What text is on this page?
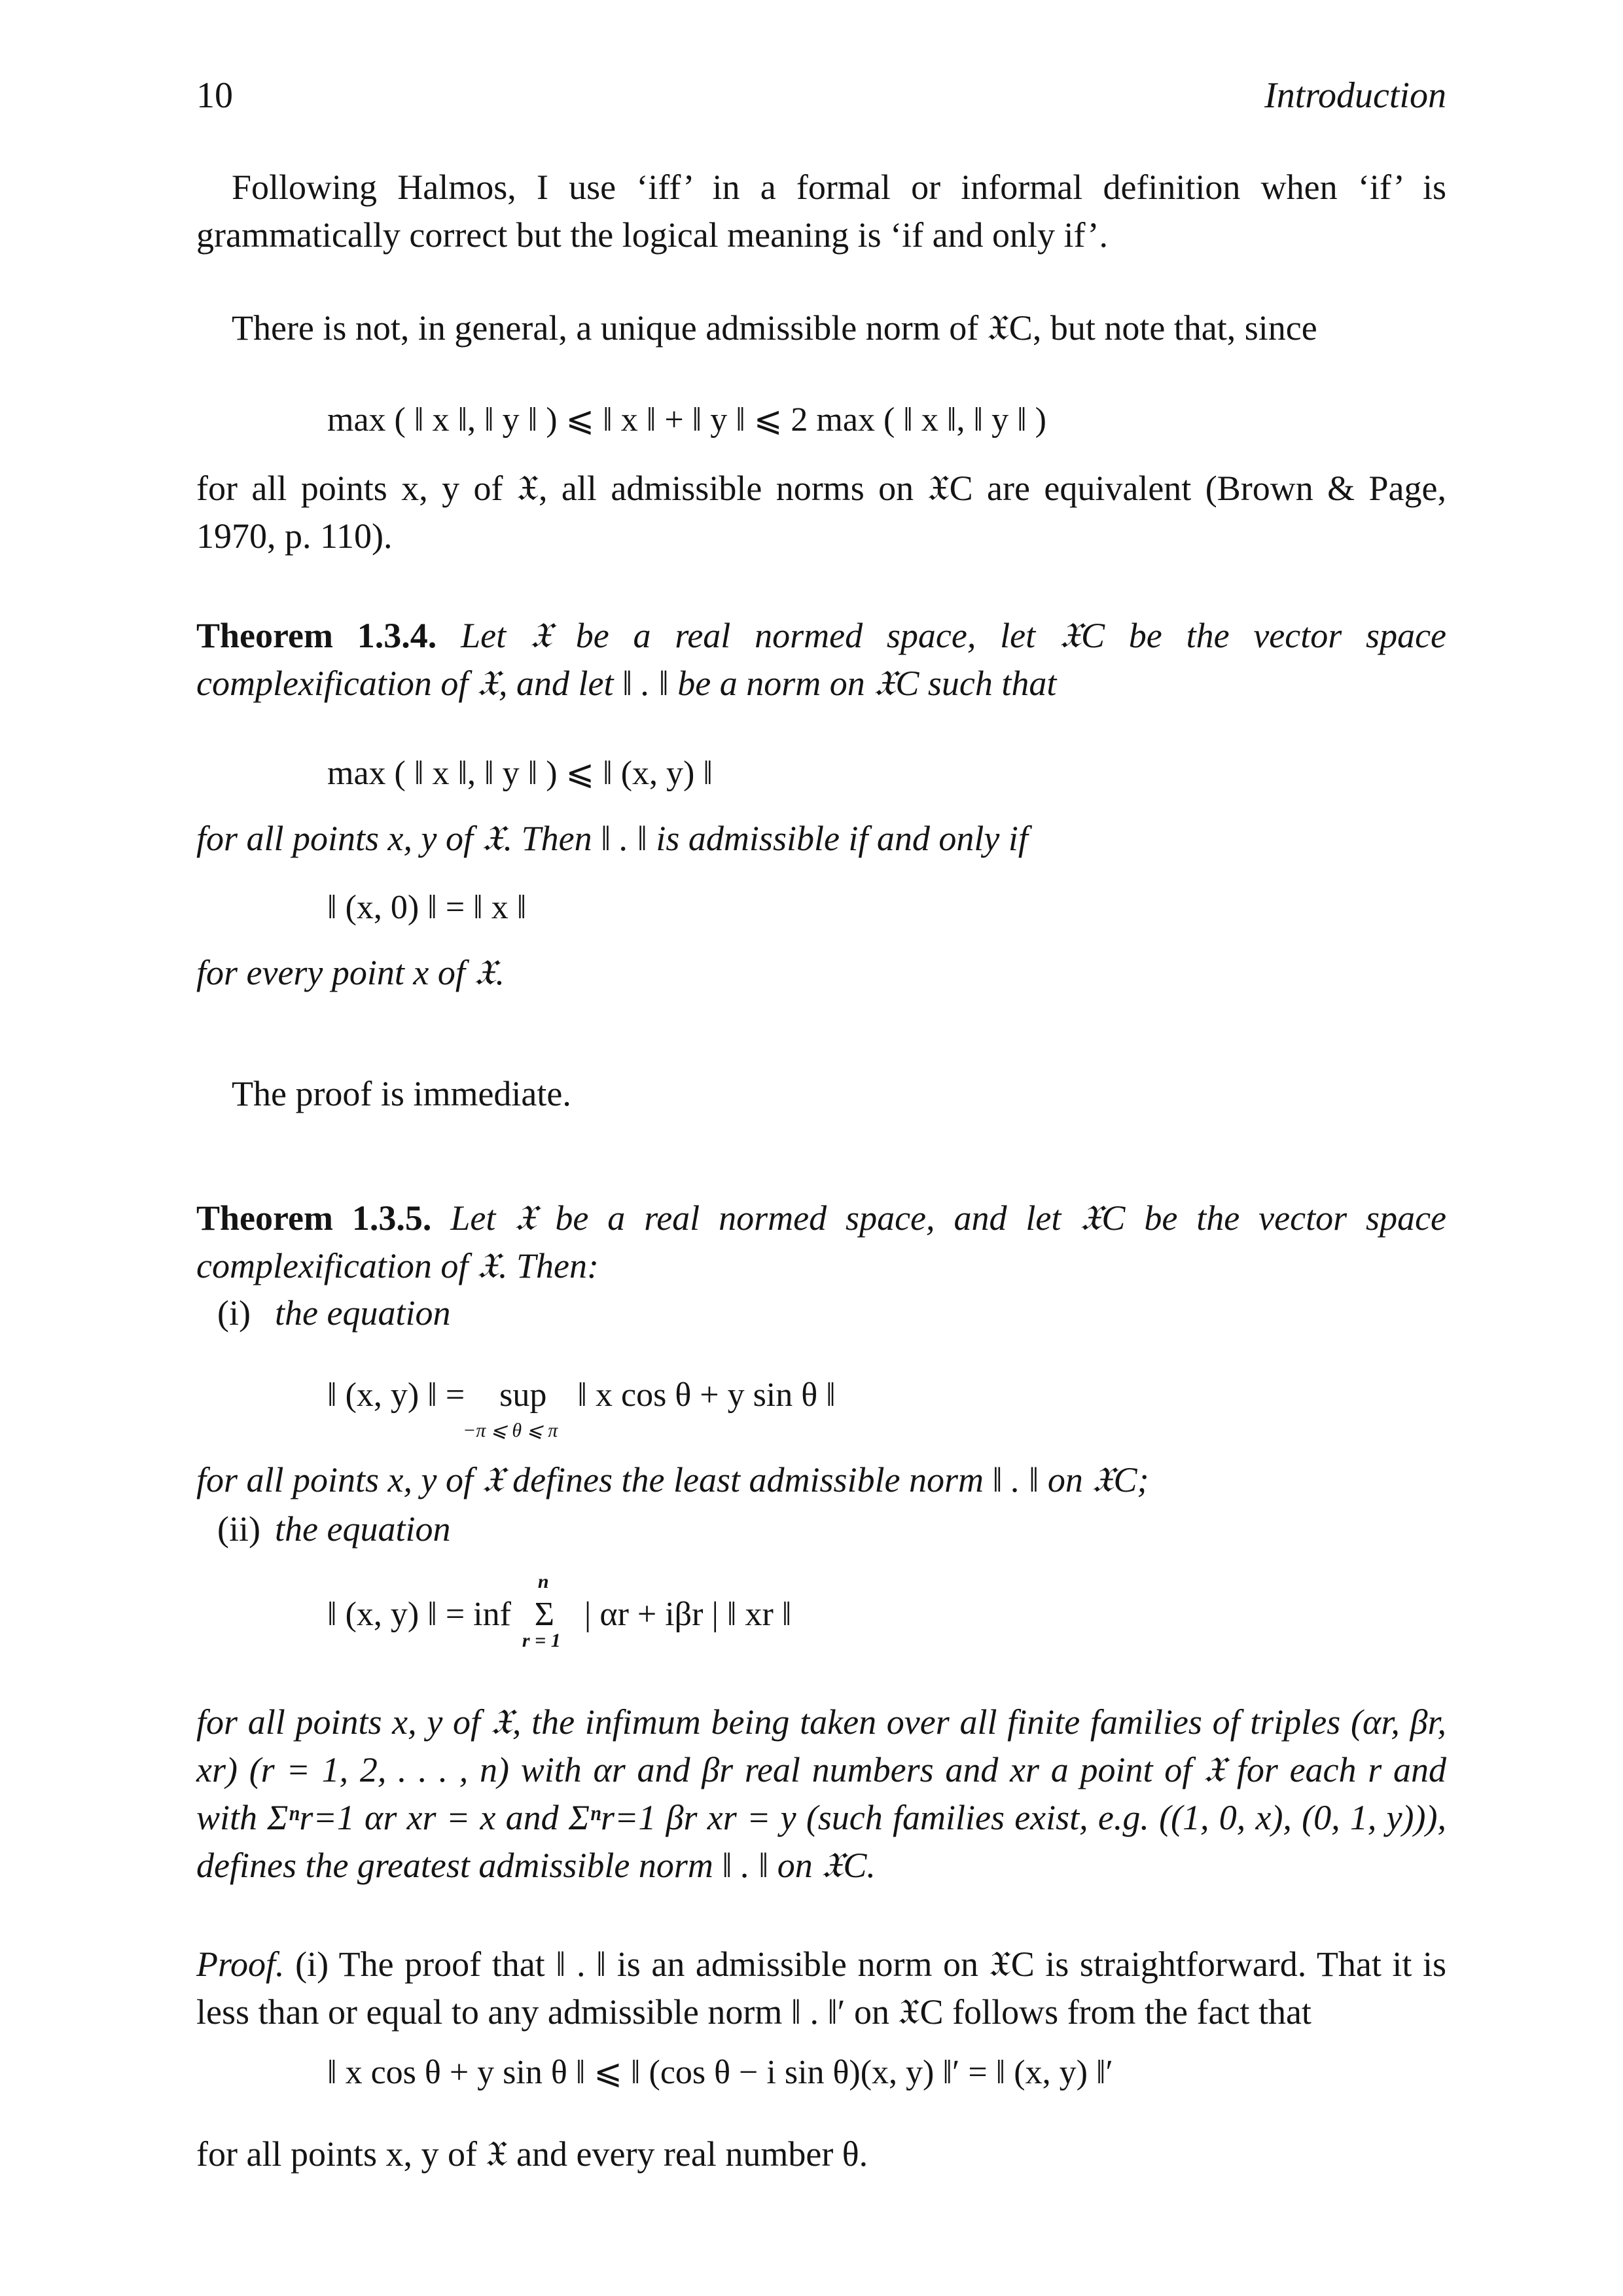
10	Introduction

Following Halmos, I use ‘iff’ in a formal or informal definition when ‘if’ is grammatically correct but the logical meaning is ‘if and only if’.

There is not, in general, a unique admissible norm of 𝔛C, but note that, since

max ( ‖ x ‖, ‖ y ‖ ) ⩽ ‖ x ‖ + ‖ y ‖ ⩽ 2 max ( ‖ x ‖, ‖ y ‖ )

for all points x, y of 𝔛, all admissible norms on 𝔛C are equivalent (Brown & Page, 1970, p. 110).

Theorem 1.3.4. Let 𝔛 be a real normed space, let 𝔛C be the vector space complexification of 𝔛, and let ‖ . ‖ be a norm on 𝔛C such that

max ( ‖ x ‖, ‖ y ‖ ) ⩽ ‖ (x, y) ‖

for all points x, y of 𝔛. Then ‖ . ‖ is admissible if and only if

‖ (x, 0) ‖ = ‖ x ‖

for every point x of 𝔛.

The proof is immediate.

Theorem 1.3.5. Let 𝔛 be a real normed space, and let 𝔛C be the vector space complexification of 𝔛. Then:

(i) the equation
‖ (x, y) ‖ = sup ‖ x cos θ + y sin θ ‖
−π ⩽ θ ⩽ π

for all points x, y of 𝔛 defines the least admissible norm ‖ . ‖ on 𝔛C;

(ii) the equation
‖ (x, y) ‖ = inf Σ
n
r = 1
| αr + iβr | ‖ xr ‖

for all points x, y of 𝔛, the infimum being taken over all finite families of triples (αr, βr, xr) (r = 1, 2, . . . , n) with αr and βr real numbers and xr a point of 𝔛 for each r and with Σⁿr=1 αr xr = x and Σⁿr=1 βr xr = y (such families exist, e.g. ((1, 0, x), (0, 1, y))), defines the greatest admissible norm ‖ . ‖ on 𝔛C.

Proof. (i) The proof that ‖ . ‖ is an admissible norm on 𝔛C is straightforward. That it is less than or equal to any admissible norm ‖ . ‖′ on 𝔛C follows from the fact that

‖ x cos θ + y sin θ ‖ ⩽ ‖ (cos θ − i sin θ)(x, y) ‖′ = ‖ (x, y) ‖′

for all points x, y of 𝔛 and every real number θ.
